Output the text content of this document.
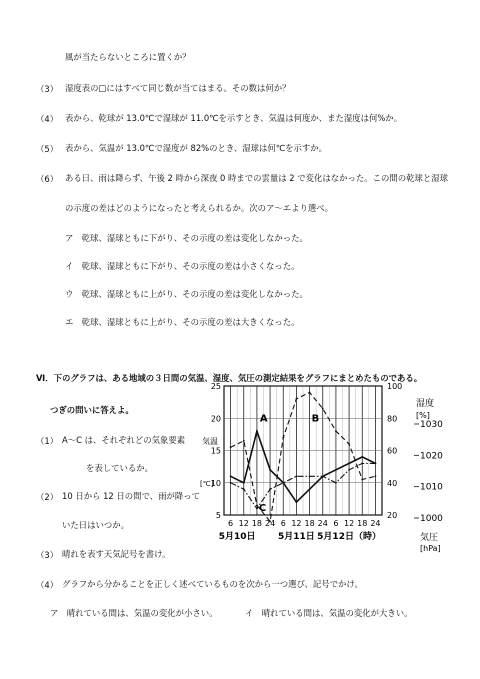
風が当たらないところに置くか？
（3） 湿度表の□にはすべて同じ数が当てはまる。その数は何か？
（4） 表から、乾球が 13.0℃で湿球が 11.0℃を示すとき、気温は何度か、また湿度は何%か。
（5） 表から、気温が 13.0℃で湿度が 82%のとき、湿球は何℃を示すか。
（6） ある日、雨は降らず、午後 2 時から深夜 0 時までの雲量は 2 で変化はなかった。この間の乾球と湿球
の示度の差はどのようになったと考えられるか。次のア～エより選べ。
ア　乾球、湿球ともに下がり、その示度の差は変化しなかった。
イ　乾球、湿球ともに下がり、その示度の差は小さくなった。
ウ　乾球、湿球ともに上がり、その示度の差は変化しなかった。
エ　乾球、湿球ともに上がり、その示度の差は大きくなった。
Ⅵ．下のグラフは、ある地域の３日間の気温、湿度、気圧の測定結果をグラフにまとめたものである。
つぎの問いに答えよ。
（1） A～C は、それぞれどの気象要素
を表しているか。
（2） 10 日から 12 日の間で、雨が降って
いた日はいつか。
（3） 晴れを表す天気記号を書け。
（4） グラフから分かることを正しく述べているものを次から一つ選び、記号でかけ。
ア　晴れている間は、気温の変化が小さい。	イ　晴れている間は、気温の変化が大きい。
25
20
15
10
5
気温
[℃]
100
80
60
40
20
湿度
[%]
1030
1020
1010
1000
気圧
[hPa]
6 12 18 24 6 12 18 24 6 12 18 24
5月10日 5月11日 5月12日（時）
A	B
C
